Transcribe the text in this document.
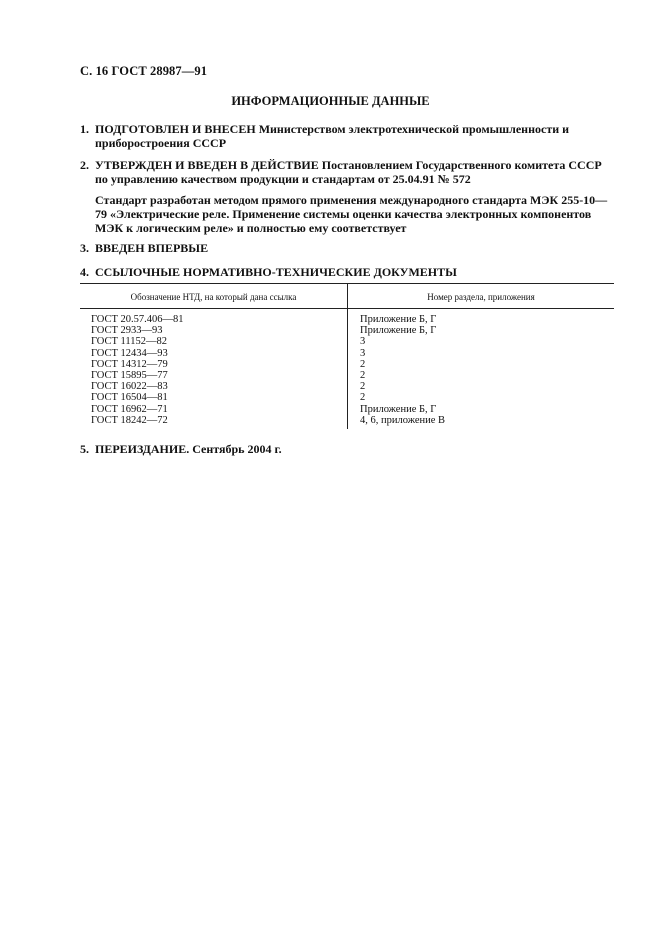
С. 16 ГОСТ 28987—91
ИНФОРМАЦИОННЫЕ ДАННЫЕ
1. ПОДГОТОВЛЕН И ВНЕСЕН Министерством электротехнической промышленности и приборостроения СССР
2. УТВЕРЖДЕН И ВВЕДЕН В ДЕЙСТВИЕ Постановлением Государственного комитета СССР по управлению качеством продукции и стандартам от 25.04.91 № 572
Стандарт разработан методом прямого применения международного стандарта МЭК 255-10—79 «Электрические реле. Применение системы оценки качества электронных компонентов МЭК к логическим реле» и полностью ему соответствует
3. ВВЕДЕН ВПЕРВЫЕ
4. ССЫЛОЧНЫЕ НОРМАТИВНО-ТЕХНИЧЕСКИЕ ДОКУМЕНТЫ
Обозначение НТД, на который дана ссылка	Номер раздела, приложения
ГОСТ 20.57.406—81
ГОСТ 2933—93
ГОСТ 11152—82
ГОСТ 12434—93
ГОСТ 14312—79
ГОСТ 15895—77
ГОСТ 16022—83
ГОСТ 16504—81
ГОСТ 16962—71
ГОСТ 18242—72
Приложение Б, Г
Приложение Б, Г
3
3
2
2
2
2
Приложение Б, Г
4, 6, приложение В
5. ПЕРЕИЗДАНИЕ. Сентябрь 2004 г.
